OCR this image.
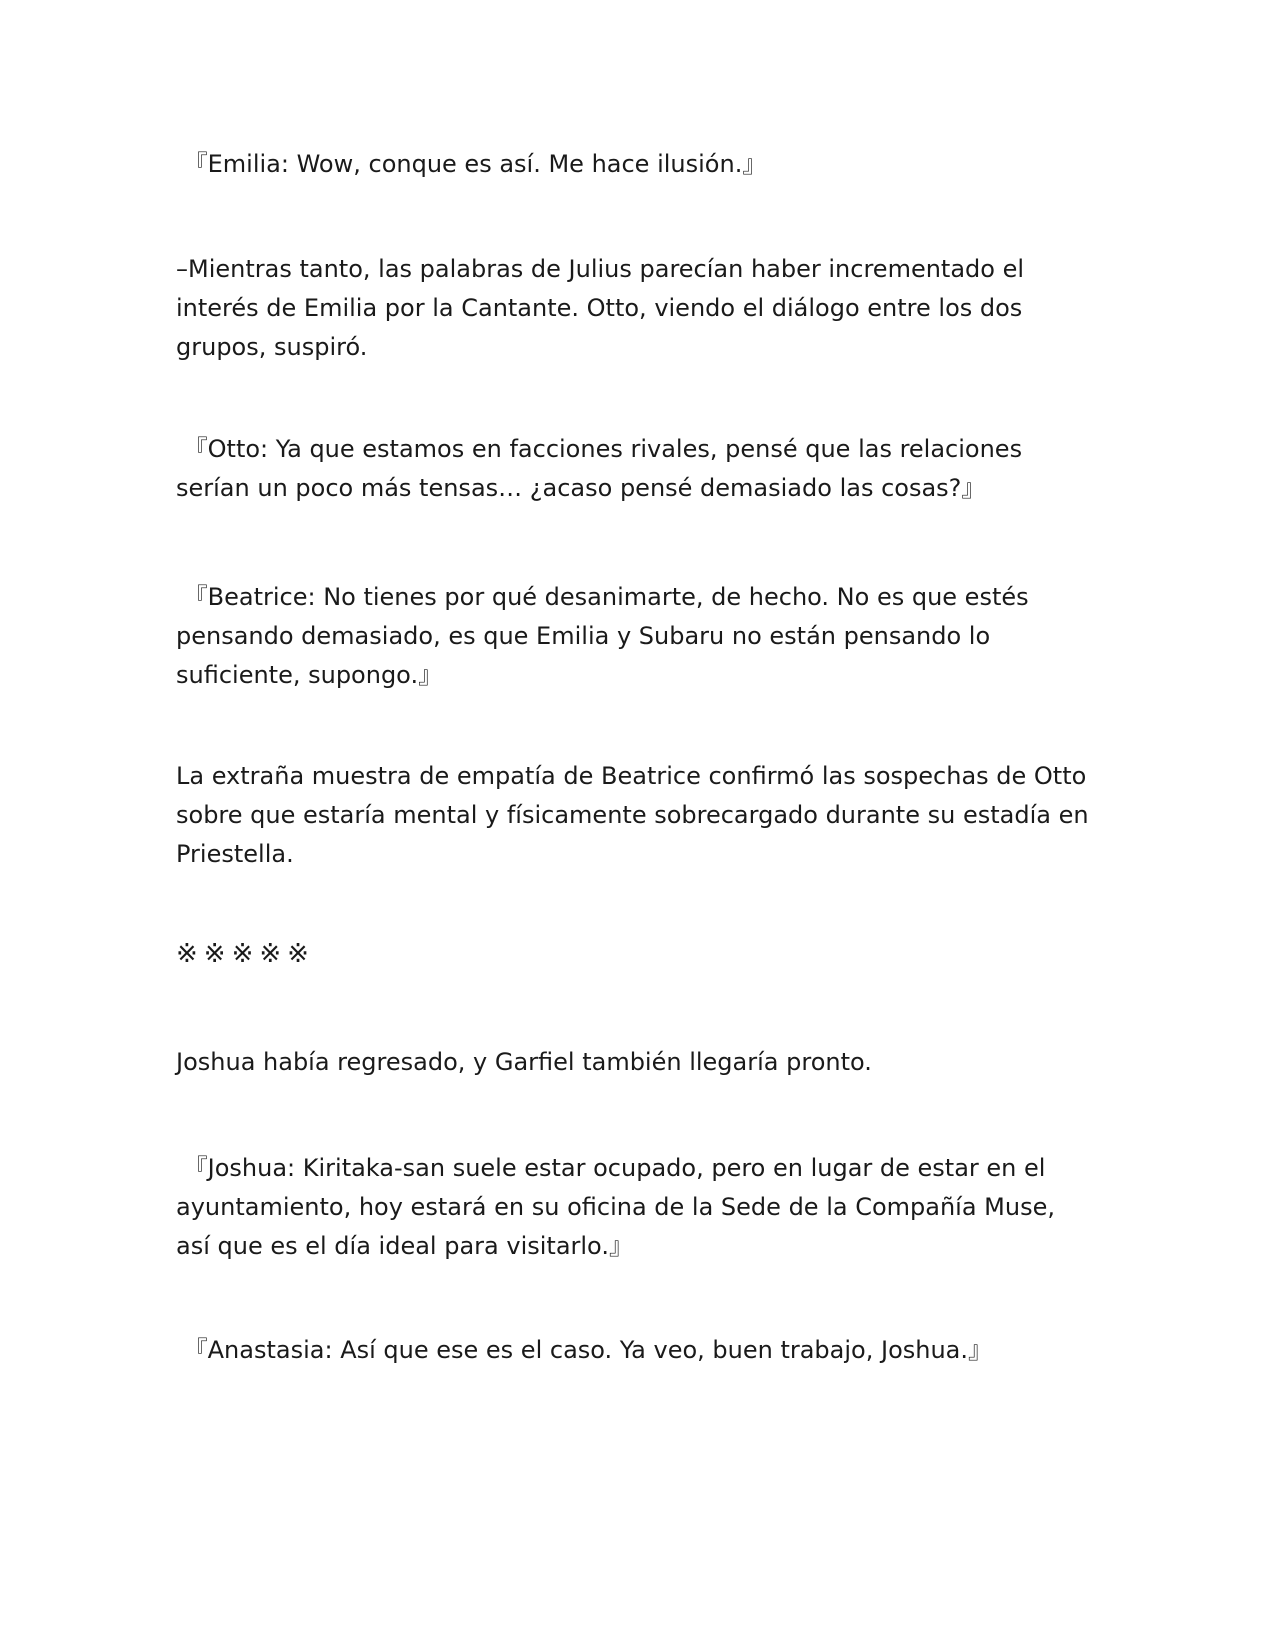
『Emilia: Wow, conque es así. Me hace ilusión.』

–Mientras tanto, las palabras de Julius parecían haber incrementado el interés de Emilia por la Cantante. Otto, viendo el diálogo entre los dos grupos, suspiró.

『Otto: Ya que estamos en facciones rivales, pensé que las relaciones serían un poco más tensas… ¿acaso pensé demasiado las cosas?』

『Beatrice: No tienes por qué desanimarte, de hecho. No es que estés pensando demasiado, es que Emilia y Subaru no están pensando lo suficiente, supongo.』

La extraña muestra de empatía de Beatrice confirmó las sospechas de Otto sobre que estaría mental y físicamente sobrecargado durante su estadía en Priestella.

※※※※※

Joshua había regresado, y Garfiel también llegaría pronto.

『Joshua: Kiritaka-san suele estar ocupado, pero en lugar de estar en el ayuntamiento, hoy estará en su oficina de la Sede de la Compañía Muse, así que es el día ideal para visitarlo.』

『Anastasia: Así que ese es el caso. Ya veo, buen trabajo, Joshua.』
